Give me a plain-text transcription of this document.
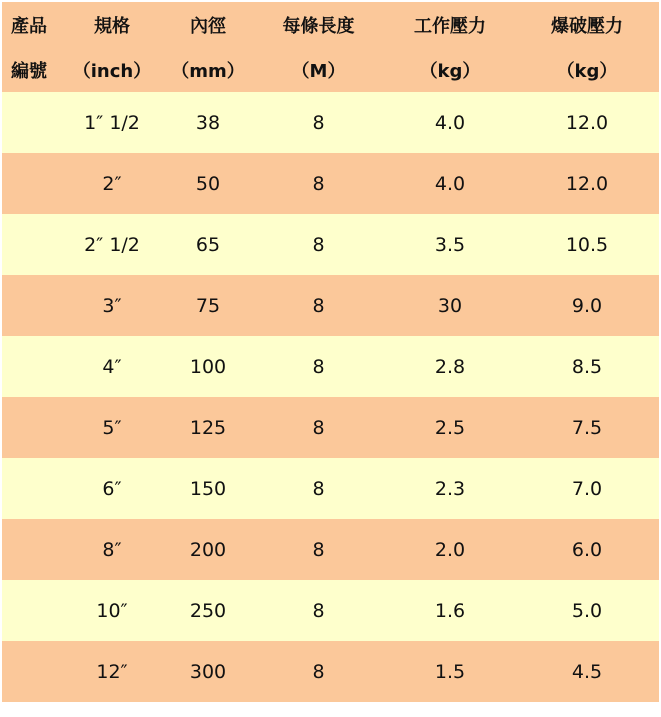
產品	規格	內徑	每條長度	工作壓力	爆破壓力
編號	（inch）	（mm）	（M）	（kg）	（kg）
	1″ 1/2	38	8	4.0	12.0
	2″	50	8	4.0	12.0
	2″ 1/2	65	8	3.5	10.5
	3″	75	8	30	9.0
	4″	100	8	2.8	8.5
	5″	125	8	2.5	7.5
	6″	150	8	2.3	7.0
	8″	200	8	2.0	6.0
	10″	250	8	1.6	5.0
	12″	300	8	1.5	4.5
